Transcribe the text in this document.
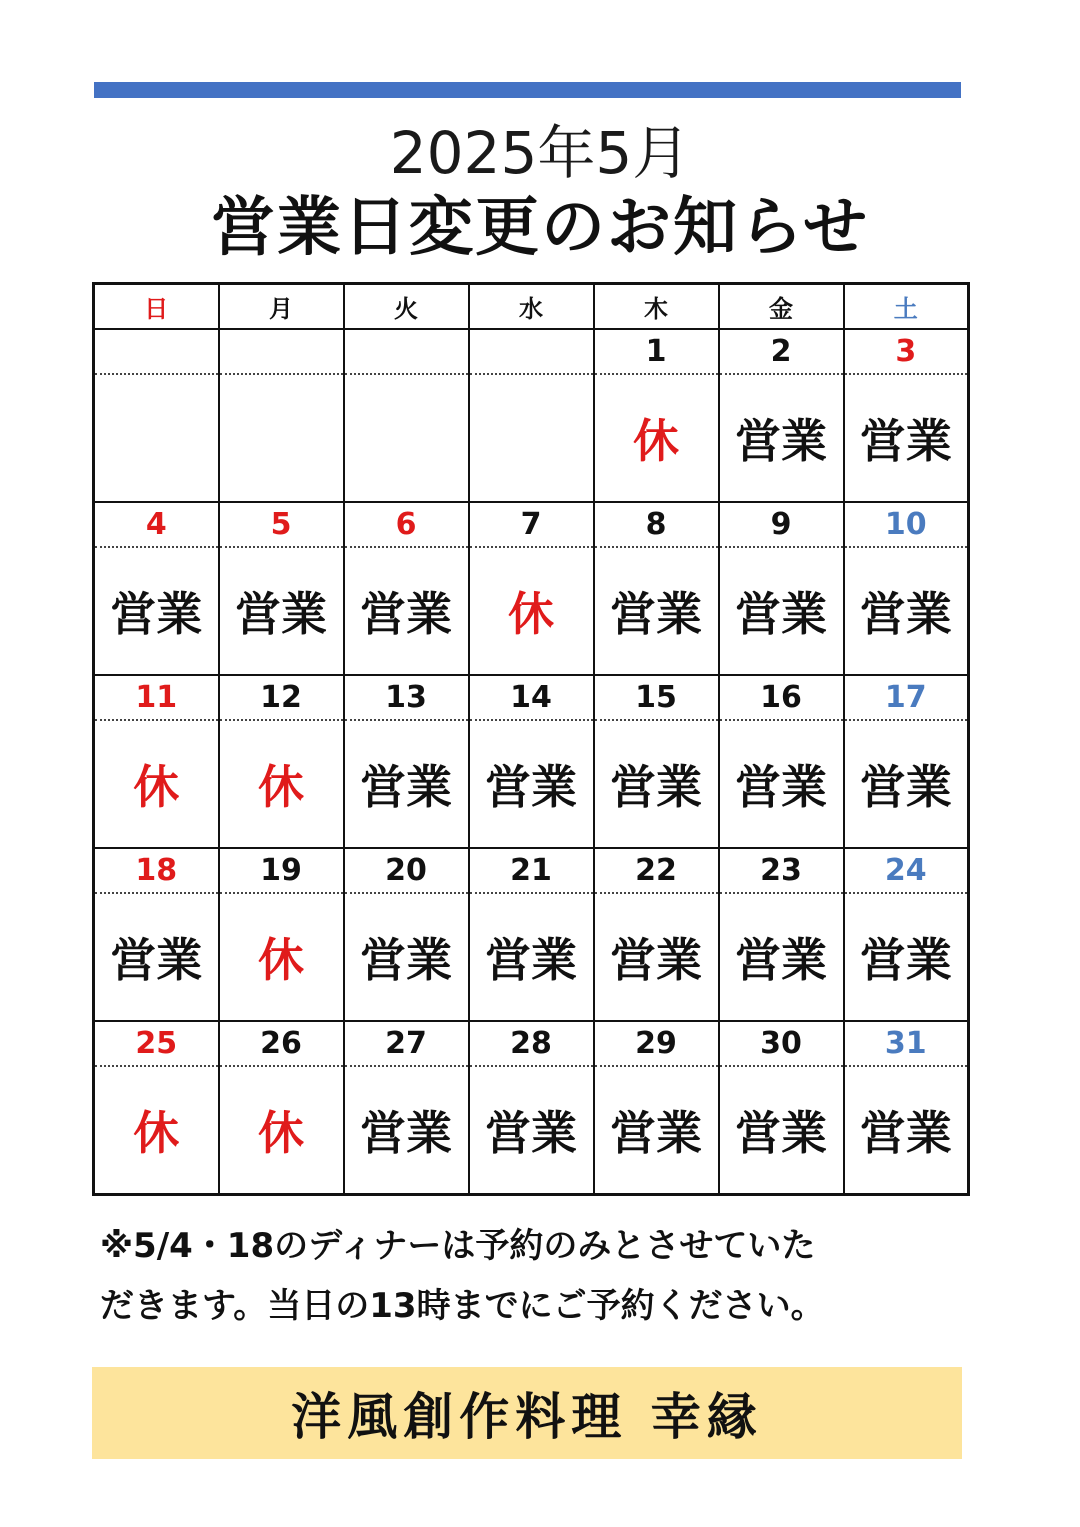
2025年5月
営業日変更のお知らせ
日	月	火	水	木	金	土
				1	2	3
				休	営業	営業
4	5	6	7	8	9	10
営業	営業	営業	休	営業	営業	営業
11	12	13	14	15	16	17
休	休	営業	営業	営業	営業	営業
18	19	20	21	22	23	24
営業	休	営業	営業	営業	営業	営業
25	26	27	28	29	30	31
休	休	営業	営業	営業	営業	営業
※5/4・18のディナーは予約のみとさせていた
だきます。当日の13時までにご予約ください。
洋風創作料理 幸縁
